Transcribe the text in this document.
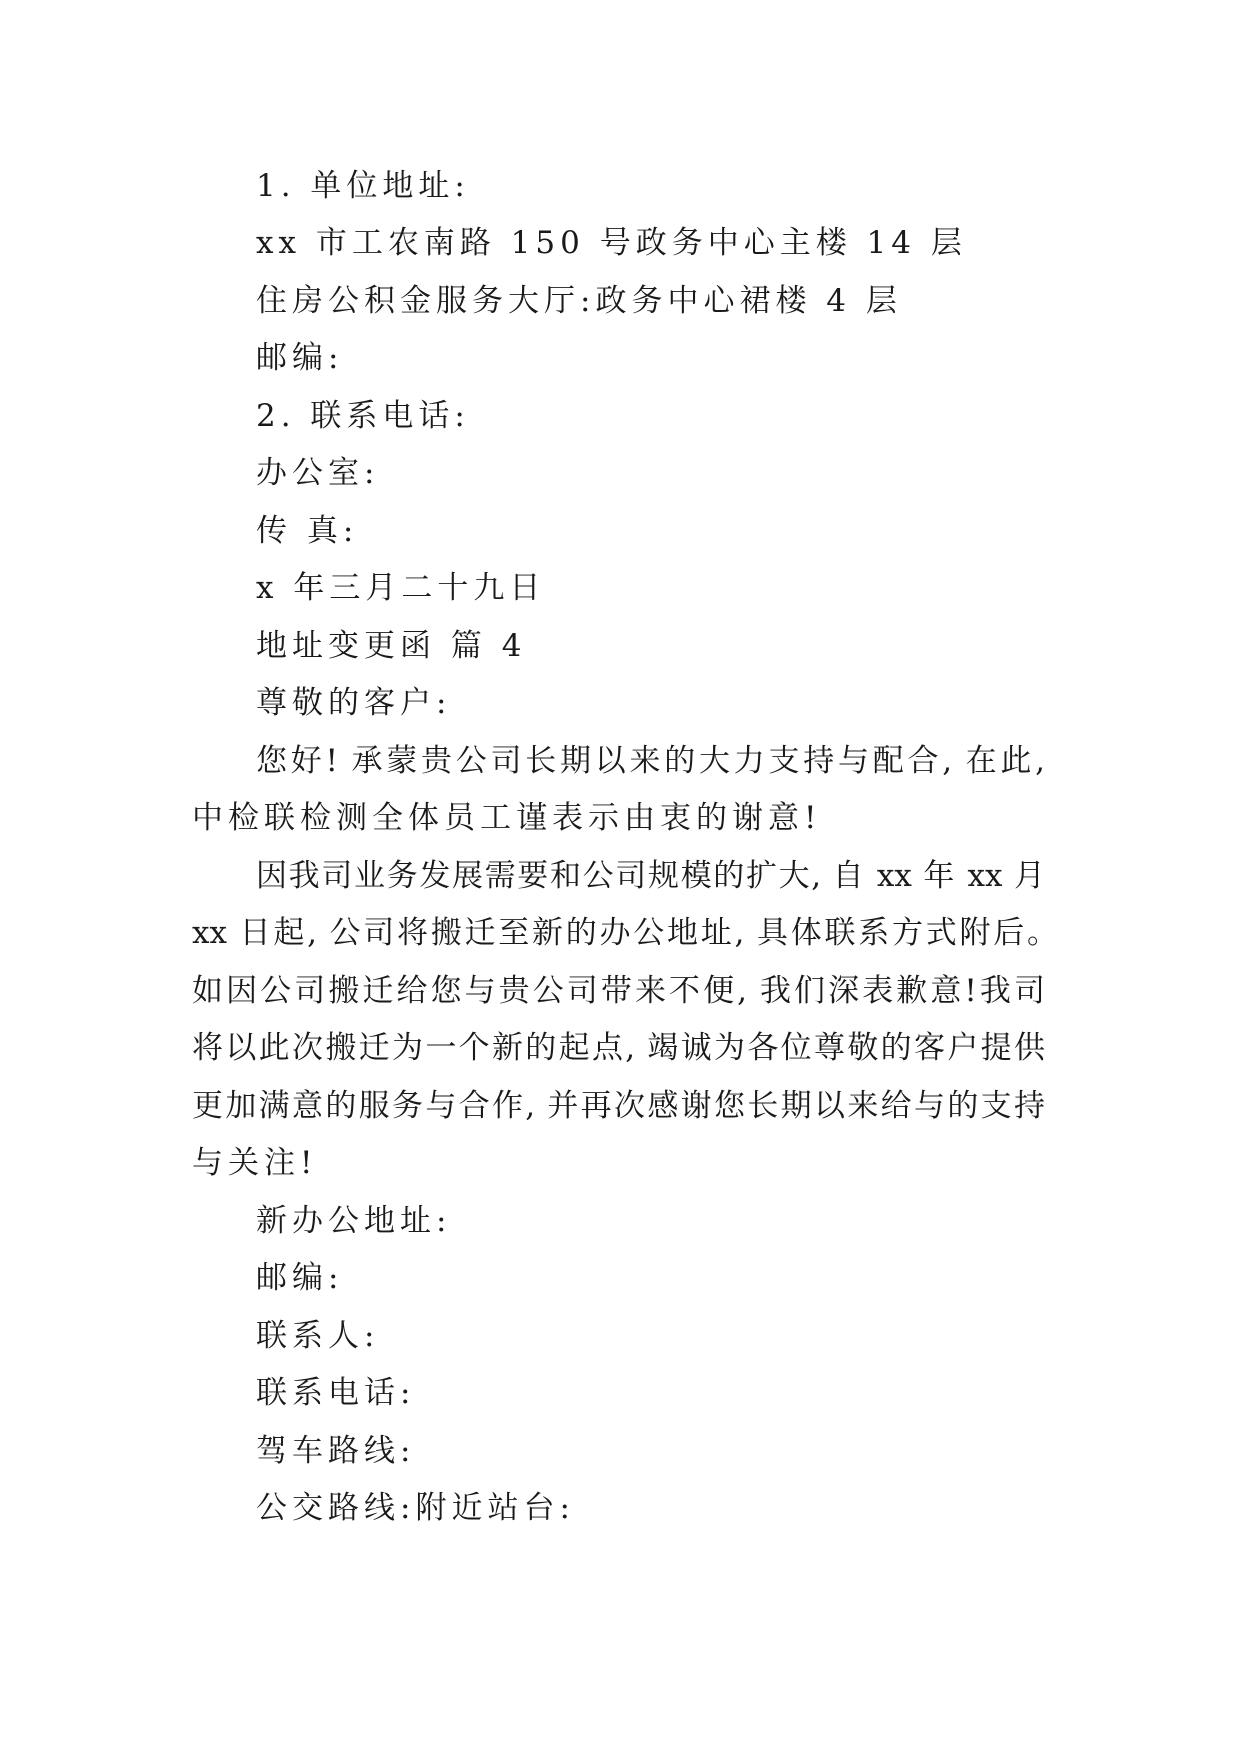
1. 单位地址:
xx 市工农南路 150 号政务中心主楼 14 层
住房公积金服务大厅:政务中心裙楼 4 层
邮编:
2. 联系电话:
办公室:
传 真:
x 年三月二十九日
地址变更函 篇 4
尊敬的客户:
您好! 承蒙贵公司长期以来的大力支持与配合, 在此,
中检联检测全体员工谨表示由衷的谢意!
因我司业务发展需要和公司规模的扩大, 自 xx 年 xx 月
xx 日起, 公司将搬迁至新的办公地址, 具体联系方式附后。
如因公司搬迁给您与贵公司带来不便, 我们深表歉意!我司
将以此次搬迁为一个新的起点, 竭诚为各位尊敬的客户提供
更加满意的服务与合作, 并再次感谢您长期以来给与的支持
与关注!
新办公地址:
邮编:
联系人:
联系电话:
驾车路线:
公交路线:附近站台:
